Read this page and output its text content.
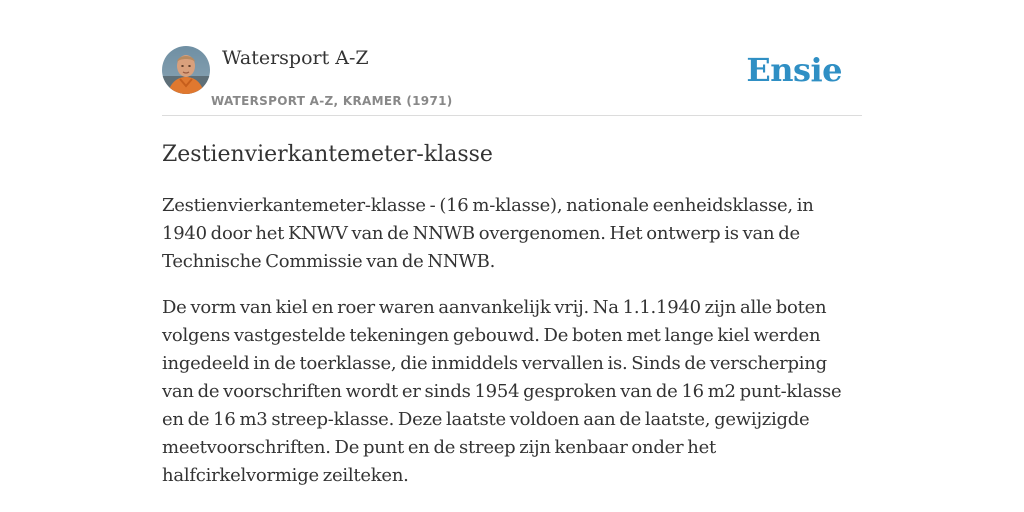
Watersport A-Z
WATERSPORT A-Z, KRAMER (1971)
Ensie
Zestienvierkantemeter-klasse

Zestienvierkantemeter-klasse - (16 m-klasse), nationale eenheidsklasse, in 1940 door het KNWV van de NNWB overgenomen. Het ontwerp is van de Technische Commissie van de NNWB.

De vorm van kiel en roer waren aanvankelijk vrij. Na 1.1.1940 zijn alle boten volgens vastgestelde tekeningen gebouwd. De boten met lange kiel werden ingedeeld in de toerklasse, die inmiddels vervallen is. Sinds de verscherping van de voorschriften wordt er sinds 1954 gesproken van de 16 m2 punt-klasse en de 16 m3 streep-klasse. Deze laatste voldoen aan de laatste, gewijzigde meetvoorschriften. De punt en de streep zijn kenbaar onder het halfcirkelvormige zeilteken.
